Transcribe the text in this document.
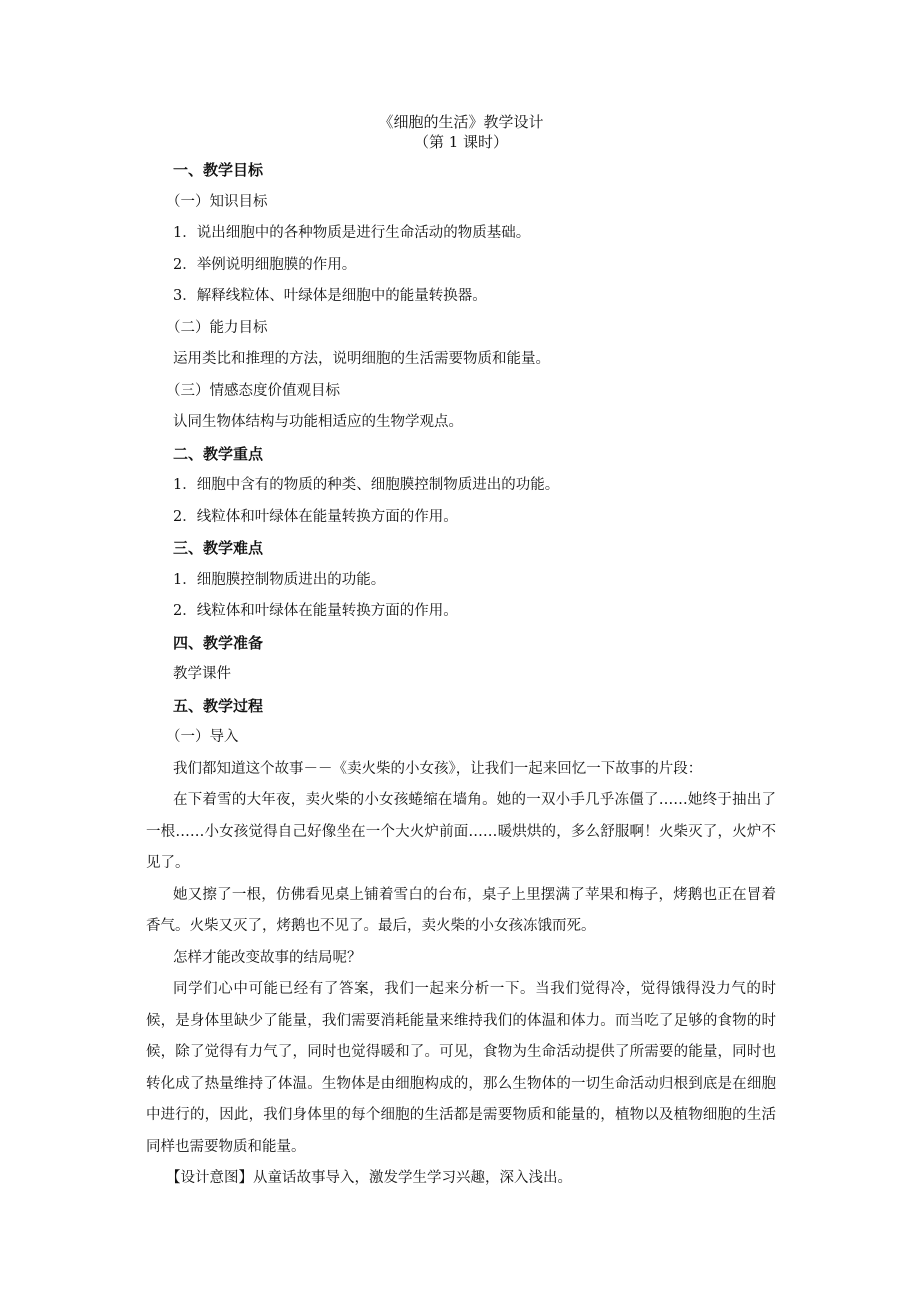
《细胞的生活》教学设计

（第 1 课时）

一、教学目标

（一）知识目标

1．说出细胞中的各种物质是进行生命活动的物质基础。

2．举例说明细胞膜的作用。

3．解释线粒体、叶绿体是细胞中的能量转换器。

（二）能力目标

运用类比和推理的方法，说明细胞的生活需要物质和能量。

（三）情感态度价值观目标

认同生物体结构与功能相适应的生物学观点。

二、教学重点

1．细胞中含有的物质的种类、细胞膜控制物质进出的功能。

2．线粒体和叶绿体在能量转换方面的作用。

三、教学难点

1．细胞膜控制物质进出的功能。

2．线粒体和叶绿体在能量转换方面的作用。

四、教学准备

教学课件

五、教学过程

（一）导入

我们都知道这个故事－－《卖火柴的小女孩》，让我们一起来回忆一下故事的片段：

在下着雪的大年夜，卖火柴的小女孩蜷缩在墙角。她的一双小手几乎冻僵了……她终于抽出了一根……小女孩觉得自己好像坐在一个大火炉前面……暖烘烘的，多么舒服啊！火柴灭了，火炉不见了。

她又擦了一根，仿佛看见桌上铺着雪白的台布，桌子上里摆满了苹果和梅子，烤鹅也正在冒着香气。火柴又灭了，烤鹅也不见了。最后，卖火柴的小女孩冻饿而死。

怎样才能改变故事的结局呢？

同学们心中可能已经有了答案，我们一起来分析一下。当我们觉得冷，觉得饿得没力气的时候，是身体里缺少了能量，我们需要消耗能量来维持我们的体温和体力。而当吃了足够的食物的时候，除了觉得有力气了，同时也觉得暖和了。可见，食物为生命活动提供了所需要的能量，同时也转化成了热量维持了体温。生物体是由细胞构成的，那么生物体的一切生命活动归根到底是在细胞中进行的，因此，我们身体里的每个细胞的生活都是需要物质和能量的，植物以及植物细胞的生活同样也需要物质和能量。

【设计意图】从童话故事导入，激发学生学习兴趣，深入浅出。
